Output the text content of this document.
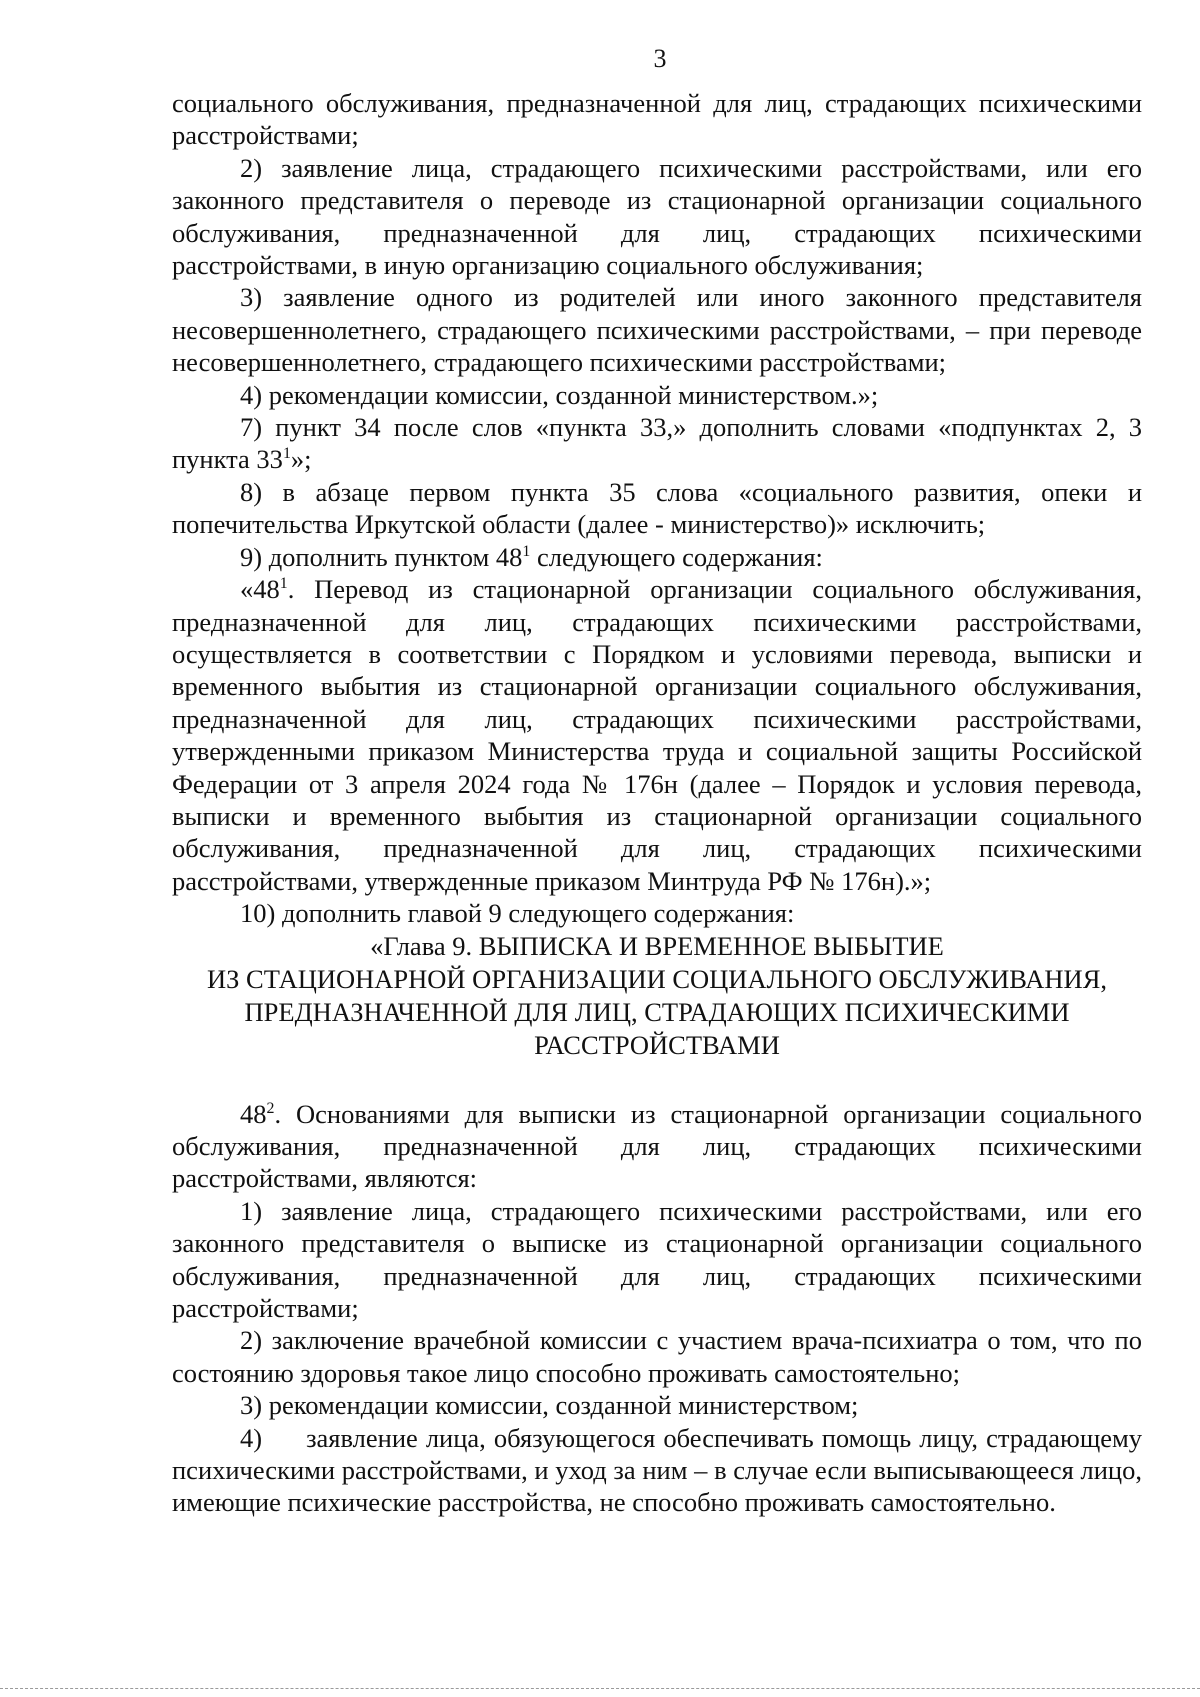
3

социального обслуживания, предназначенной для лиц, страдающих психическими расстройствами;

2) заявление лица, страдающего психическими расстройствами, или его законного представителя о переводе из стационарной организации социального обслуживания, предназначенной для лиц, страдающих психическими расстройствами, в иную организацию социального обслуживания;

3) заявление одного из родителей или иного законного представителя несовершеннолетнего, страдающего психическими расстройствами, – при переводе несовершеннолетнего, страдающего психическими расстройствами;

4) рекомендации комиссии, созданной министерством.»;

7) пункт 34 после слов «пункта 33,» дополнить словами «подпунктах 2, 3 пункта $33^1$»;

8) в абзаце первом пункта 35 слова «социального развития, опеки и попечительства Иркутской области (далее - министерство)» исключить;

9) дополнить пунктом $48^1$ следующего содержания:

«$48^1$. Перевод из стационарной организации социального обслуживания, предназначенной для лиц, страдающих психическими расстройствами, осуществляется в соответствии с Порядком и условиями перевода, выписки и временного выбытия из стационарной организации социального обслуживания, предназначенной для лиц, страдающих психическими расстройствами, утвержденными приказом Министерства труда и социальной защиты Российской Федерации от 3 апреля 2024 года № 176н (далее – Порядок и условия перевода, выписки и временного выбытия из стационарной организации социального обслуживания, предназначенной для лиц, страдающих психическими расстройствами, утвержденные приказом Минтруда РФ № 176н).»;

10) дополнить главой 9 следующего содержания:

«Глава 9. ВЫПИСКА И ВРЕМЕННОЕ ВЫБЫТИЕ

ИЗ СТАЦИОНАРНОЙ ОРГАНИЗАЦИИ СОЦИАЛЬНОГО ОБСЛУЖИВАНИЯ,

ПРЕДНАЗНАЧЕННОЙ ДЛЯ ЛИЦ, СТРАДАЮЩИХ ПСИХИЧЕСКИМИ

РАССТРОЙСТВАМИ

$48^2$. Основаниями для выписки из стационарной организации социального обслуживания, предназначенной для лиц, страдающих психическими расстройствами, являются:

1) заявление лица, страдающего психическими расстройствами, или его законного представителя о выписке из стационарной организации социального обслуживания, предназначенной для лиц, страдающих психическими расстройствами;

2) заключение врачебной комиссии с участием врача-психиатра о том, что по состоянию здоровья такое лицо способно проживать самостоятельно;

3) рекомендации комиссии, созданной министерством;

4) заявление лица, обязующегося обеспечивать помощь лицу, страдающему психическими расстройствами, и уход за ним – в случае если выписывающееся лицо, имеющие психические расстройства, не способно проживать самостоятельно.
